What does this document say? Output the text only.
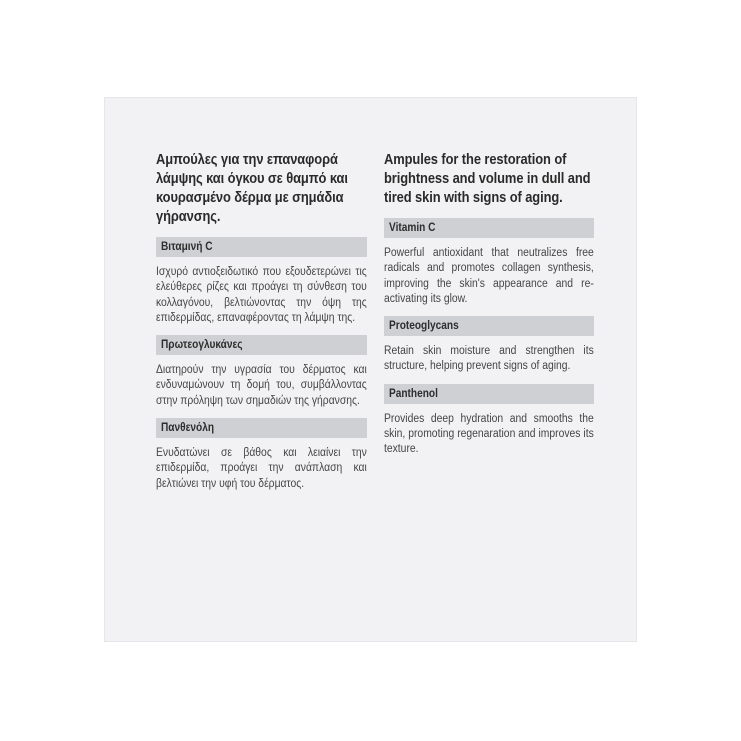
Αμπούλες για την επαναφορά λάμψης και όγκου σε θαμπό και κουρασμένο δέρμα με σημάδια γήρανσης.
Βιταμινή C

Ισχυρό αντιοξειδωτικό που εξουδετερώνει τις ελεύθερες ρίζες και προάγει τη σύνθεση του κολλαγόνου, βελτιώνοντας την όψη της επιδερμίδας, επαναφέροντας τη λάμψη της.

Πρωτεογλυκάνες

Διατηρούν την υγρασία του δέρματος και ενδυναμώνουν τη δομή του, συμβάλλοντας στην πρόληψη των σημαδιών της γήρανσης.

Πανθενόλη

Ενυδατώνει σε βάθος και λειαίνει την επιδερμίδα, προάγει την ανάπλαση και βελτιώνει την υφή του δέρματος.

Ampules for the restoration of brightness and volume in dull and tired skin with signs of aging.
Vitamin C

Powerful antioxidant that neutralizes free radicals and promotes collagen synthesis, improving the skin's appearance and re-activating its glow.

Proteoglycans

Retain skin moisture and strengthen its structure, helping prevent signs of aging.

Panthenol

Provides deep hydration and smooths the skin, promoting regenaration and improves its texture.
